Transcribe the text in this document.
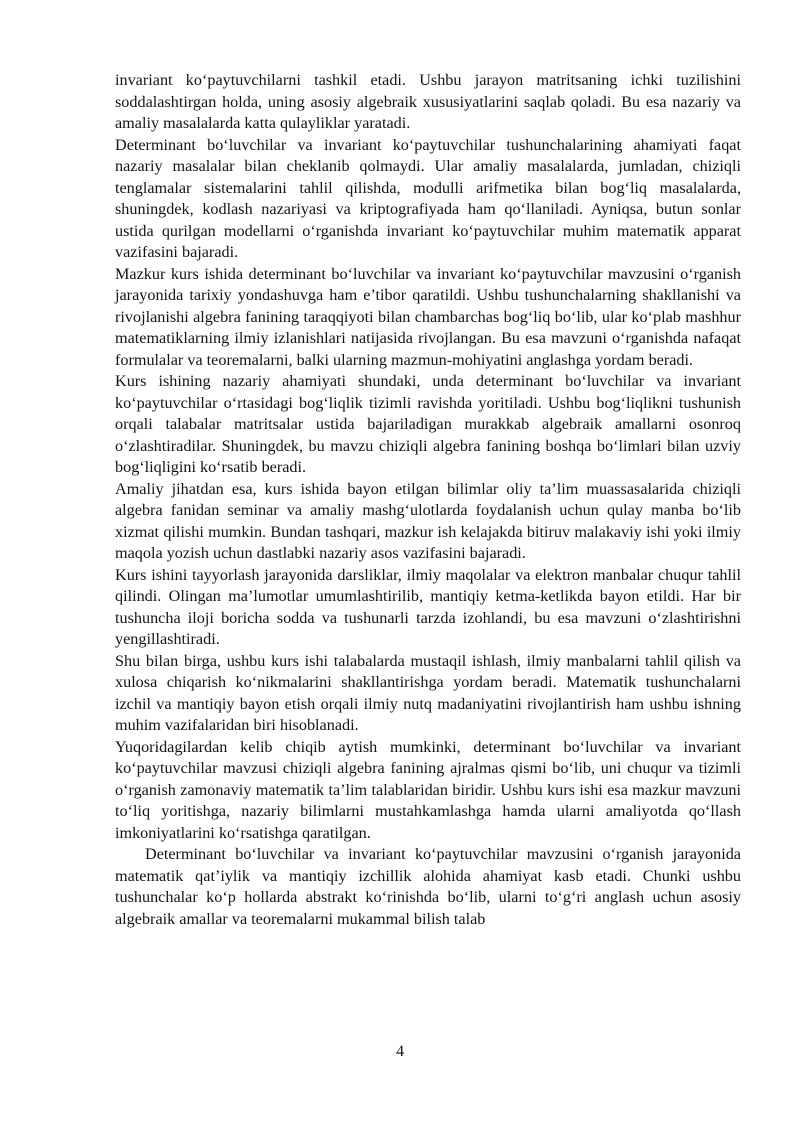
invariant koʻpaytuvchilarni tashkil etadi. Ushbu jarayon matritsaning ichki tuzilishini soddalashtirgan holda, uning asosiy algebraik xususiyatlarini saqlab qoladi. Bu esa nazariy va amaliy masalalarda katta qulayliklar yaratadi.

Determinant boʻluvchilar va invariant koʻpaytuvchilar tushunchalarining ahamiyati faqat nazariy masalalar bilan cheklanib qolmaydi. Ular amaliy masalalarda, jumladan, chiziqli tenglamalar sistemalarini tahlil qilishda, modulli arifmetika bilan bogʻliq masalalarda, shuningdek, kodlash nazariyasi va kriptografiyada ham qoʻllaniladi. Ayniqsa, butun sonlar ustida qurilgan modellarni oʻrganishda invariant koʻpaytuvchilar muhim matematik apparat vazifasini bajaradi.

Mazkur kurs ishida determinant boʻluvchilar va invariant koʻpaytuvchilar mavzusini oʻrganish jarayonida tarixiy yondashuvga ham e’tibor qaratildi. Ushbu tushunchalarning shakllanishi va rivojlanishi algebra fanining taraqqiyoti bilan chambarchas bogʻliq boʻlib, ular koʻplab mashhur matematiklarning ilmiy izlanishlari natijasida rivojlangan. Bu esa mavzuni oʻrganishda nafaqat formulalar va teoremalarni, balki ularning mazmun-mohiyatini anglashga yordam beradi.

Kurs ishining nazariy ahamiyati shundaki, unda determinant boʻluvchilar va invariant koʻpaytuvchilar oʻrtasidagi bogʻliqlik tizimli ravishda yoritiladi. Ushbu bogʻliqlikni tushunish orqali talabalar matritsalar ustida bajariladigan murakkab algebraik amallarni osonroq oʻzlashtiradilar. Shuningdek, bu mavzu chiziqli algebra fanining boshqa boʻlimlari bilan uzviy bogʻliqligini koʻrsatib beradi.

Amaliy jihatdan esa, kurs ishida bayon etilgan bilimlar oliy ta’lim muassasalarida chiziqli algebra fanidan seminar va amaliy mashgʻulotlarda foydalanish uchun qulay manba boʻlib xizmat qilishi mumkin. Bundan tashqari, mazkur ish kelajakda bitiruv malakaviy ishi yoki ilmiy maqola yozish uchun dastlabki nazariy asos vazifasini bajaradi.

Kurs ishini tayyorlash jarayonida darsliklar, ilmiy maqolalar va elektron manbalar chuqur tahlil qilindi. Olingan ma’lumotlar umumlashtirilib, mantiqiy ketma-ketlikda bayon etildi. Har bir tushuncha iloji boricha sodda va tushunarli tarzda izohlandi, bu esa mavzuni oʻzlashtirishni yengillashtiradi.

Shu bilan birga, ushbu kurs ishi talabalarda mustaqil ishlash, ilmiy manbalarni tahlil qilish va xulosa chiqarish koʻnikmalarini shakllantirishga yordam beradi. Matematik tushunchalarni izchil va mantiqiy bayon etish orqali ilmiy nutq madaniyatini rivojlantirish ham ushbu ishning muhim vazifalaridan biri hisoblanadi.

Yuqoridagilardan kelib chiqib aytish mumkinki, determinant boʻluvchilar va invariant koʻpaytuvchilar mavzusi chiziqli algebra fanining ajralmas qismi boʻlib, uni chuqur va tizimli oʻrganish zamonaviy matematik ta’lim talablaridan biridir. Ushbu kurs ishi esa mazkur mavzuni toʻliq yoritishga, nazariy bilimlarni mustahkamlashga hamda ularni amaliyotda qoʻllash imkoniyatlarini koʻrsatishga qaratilgan.

Determinant boʻluvchilar va invariant koʻpaytuvchilar mavzusini oʻrganish jarayonida matematik qat’iylik va mantiqiy izchillik alohida ahamiyat kasb etadi. Chunki ushbu tushunchalar koʻp hollarda abstrakt koʻrinishda boʻlib, ularni toʻgʻri anglash uchun asosiy algebraik amallar va teoremalarni mukammal bilish talab

4
